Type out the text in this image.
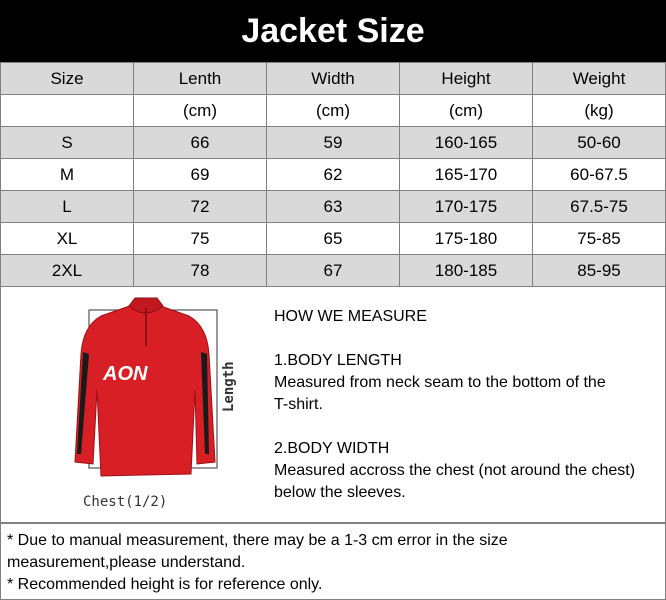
Jacket Size
Size	Lenth	Width	Height	Weight
	(cm)	(cm)	(cm)	(kg)
S	66	59	160-165	50-60
M	69	62	165-170	60-67.5
L	72	63	170-175	67.5-75
XL	75	65	175-180	75-85
2XL	78	67	180-185	85-95
AON	Length
Chest(1/2)

HOW WE MEASURE

1.BODY LENGTH

Measured from neck seam to the bottom of the

T-shirt.

2.BODY WIDTH

Measured accross the chest (not around the chest)

below the sleeves.

* Due to manual measurement, there may be a 1-3 cm error in the size

measurement,please understand.

* Recommended height is for reference only.
